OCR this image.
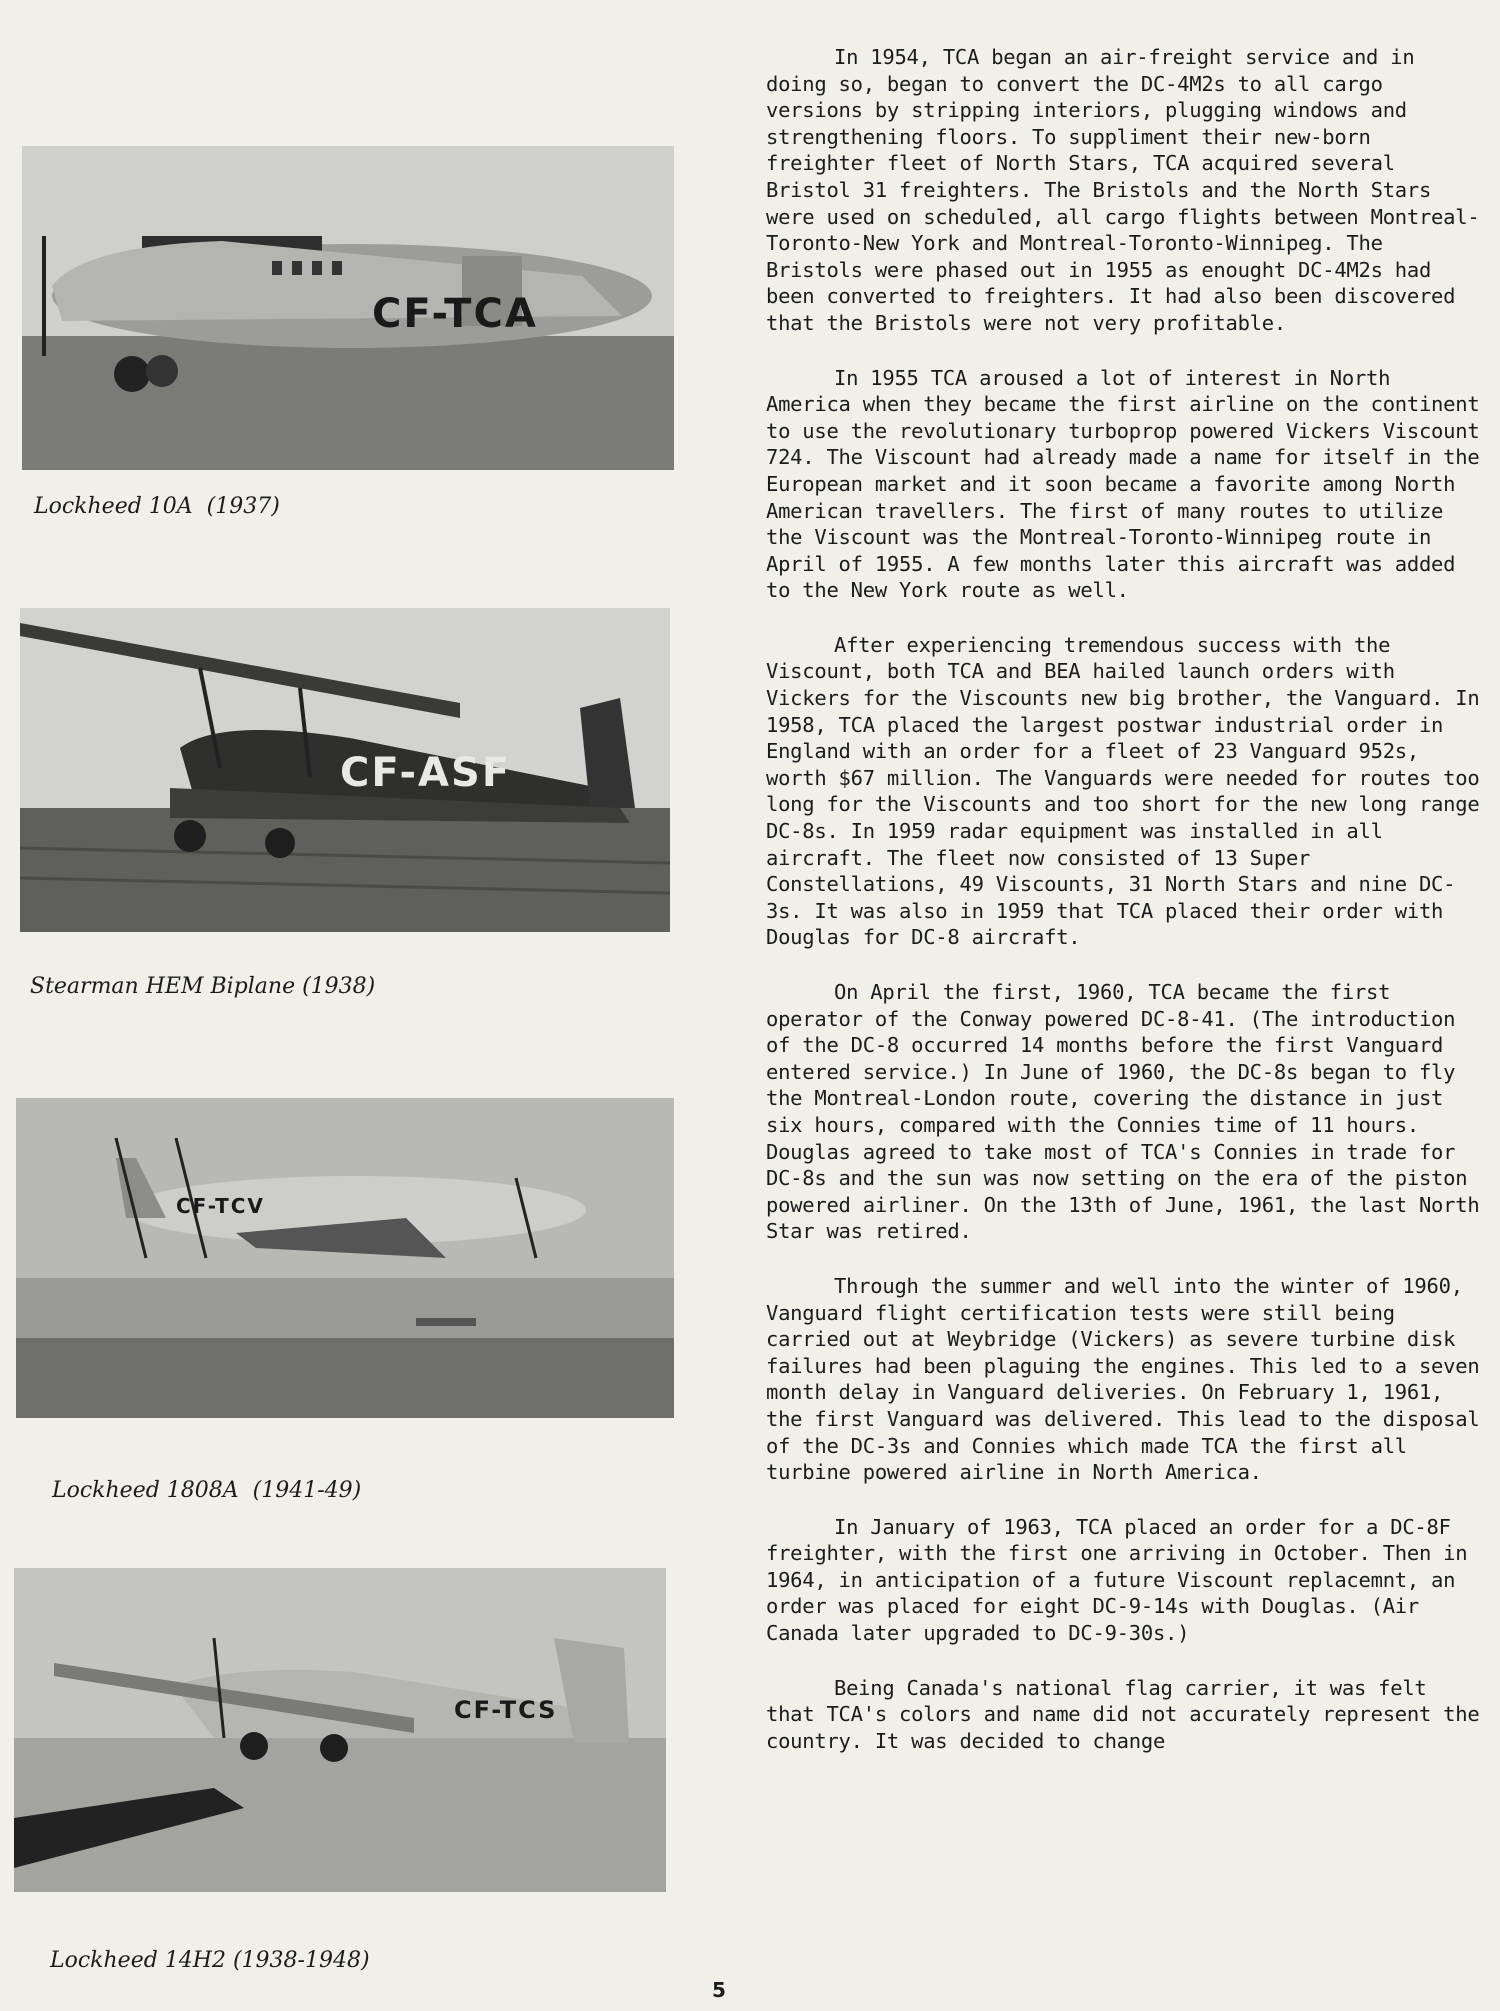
CF-TCA
Lockheed 10A  (1937)
CF-ASF
Stearman HEM Biplane (1938)
CF-TCV
Lockheed 1808A  (1941-49)
CF-TCS
Lockheed 14H2 (1938-1948)

In 1954, TCA began an air-freight service and in doing so, began to convert the DC-4M2s to all cargo versions by stripping interiors, plugging windows and strengthening floors. To suppliment their new-born freighter fleet of North Stars, TCA acquired several Bristol 31 freighters. The Bristols and the North Stars were used on scheduled, all cargo flights between Montreal-Toronto-New York and Montreal-Toronto-Winnipeg. The Bristols were phased out in 1955 as enought DC-4M2s had been converted to freighters. It had also been discovered that the Bristols were not very profitable.

In 1955 TCA aroused a lot of interest in North America when they became the first airline on the continent to use the revolutionary turboprop powered Vickers Viscount 724. The Viscount had already made a name for itself in the European market and it soon became a favorite among North American travellers. The first of many routes to utilize the Viscount was the Montreal-Toronto-Winnipeg route in April of 1955. A few months later this aircraft was added to the New York route as well.

After experiencing tremendous success with the Viscount, both TCA and BEA hailed launch orders with Vickers for the Viscounts new big brother, the Vanguard. In 1958, TCA placed the largest postwar industrial order in England with an order for a fleet of 23 Vanguard 952s, worth $67 million. The Vanguards were needed for routes too long for the Viscounts and too short for the new long range DC-8s. In 1959 radar equipment was installed in all aircraft. The fleet now consisted of 13 Super Constellations, 49 Viscounts, 31 North Stars and nine DC-3s. It was also in 1959 that TCA placed their order with Douglas for DC-8 aircraft.

On April the first, 1960, TCA became the first operator of the Conway powered DC-8-41. (The introduction of the DC-8 occurred 14 months before the first Vanguard entered service.) In June of 1960, the DC-8s began to fly the Montreal-London route, covering the distance in just six hours, compared with the Connies time of 11 hours. Douglas agreed to take most of TCA's Connies in trade for DC-8s and the sun was now setting on the era of the piston powered airliner. On the 13th of June, 1961, the last North Star was retired.

Through the summer and well into the winter of 1960, Vanguard flight certification tests were still being carried out at Weybridge (Vickers) as severe turbine disk failures had been plaguing the engines. This led to a seven month delay in Vanguard deliveries. On February 1, 1961, the first Vanguard was delivered. This lead to the disposal of the DC-3s and Connies which made TCA the first all turbine powered airline in North America.

In January of 1963, TCA placed an order for a DC-8F freighter, with the first one arriving in October. Then in 1964, in anticipation of a future Viscount replacemnt, an order was placed for eight DC-9-14s with Douglas. (Air Canada later upgraded to DC-9-30s.)

Being Canada's national flag carrier, it was felt that TCA's colors and name did not accurately represent the country. It was decided to change

5
